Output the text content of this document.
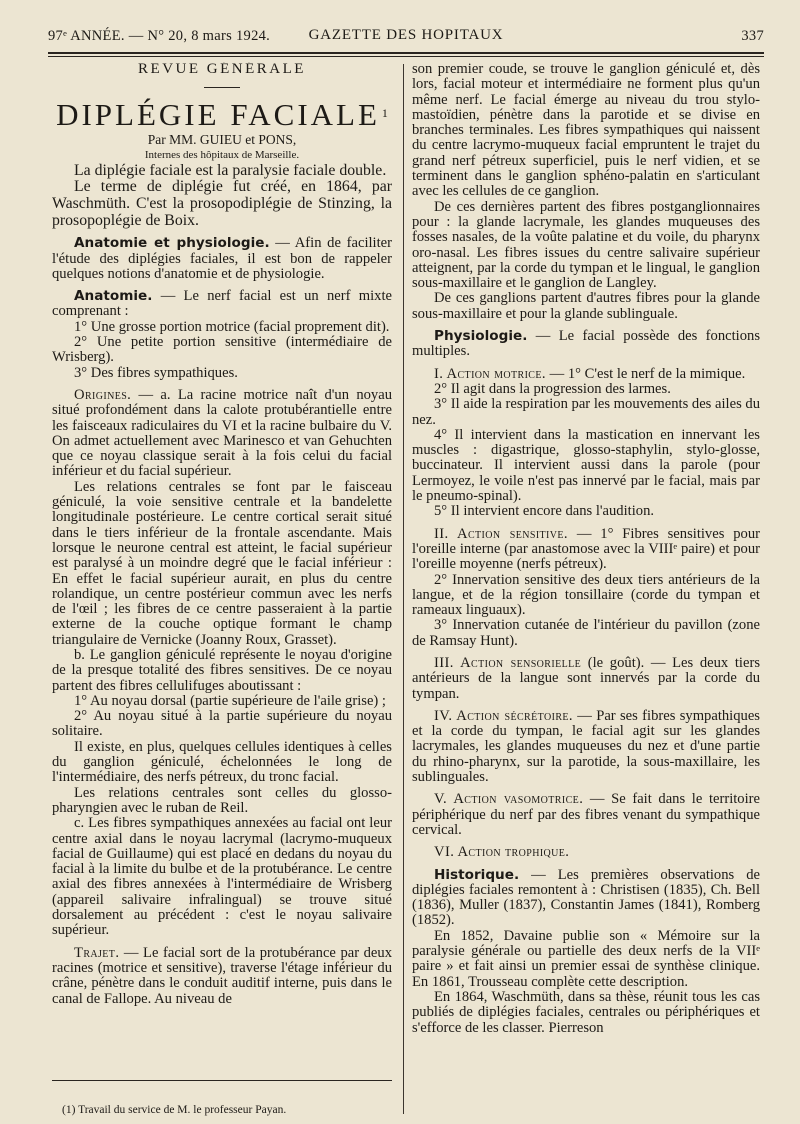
97ᵉ ANNÉE. — N° 20, 8 mars 1924.	GAZETTE DES HOPITAUX	337

REVUE GÉNÉRALE

DIPLÉGIE FACIALE $^1$

Par MM. GUIEU et PONS,

Internes des hôpitaux de Marseille.

La diplégie faciale est la paralysie faciale double.

Le terme de diplégie fut créé, en 1864, par Waschmüth. C'est la prosopodiplégie de Stinzing, la prosopoplégie de Boix.

Anatomie et physiologie. — Afin de faciliter l'étude des diplégies faciales, il est bon de rappeler quelques notions d'anatomie et de physiologie.

Anatomie. — Le nerf facial est un nerf mixte comprenant :

1° Une grosse portion motrice (facial proprement dit).

2° Une petite portion sensitive (intermédiaire de Wrisberg).

3° Des fibres sympathiques.

Origines. — a. La racine motrice naît d'un noyau situé profondément dans la calote protubérantielle entre les faisceaux radiculaires du VI et la racine bulbaire du V. On admet actuellement avec Marinesco et van Gehuchten que ce noyau classique serait à la fois celui du facial inférieur et du facial supérieur.

Les relations centrales se font par le faisceau géniculé, la voie sensitive centrale et la bandelette longitudinale postérieure. Le centre cortical serait situé dans le tiers inférieur de la frontale ascendante. Mais lorsque le neurone central est atteint, le facial supérieur est paralysé à un moindre degré que le facial inférieur : En effet le facial supérieur aurait, en plus du centre rolandique, un centre postérieur commun avec les nerfs de l'œil ; les fibres de ce centre passeraient à la partie externe de la couche optique formant le champ triangulaire de Vernicke (Joanny Roux, Grasset).

b. Le ganglion géniculé représente le noyau d'origine de la presque totalité des fibres sensitives. De ce noyau partent des fibres cellulifuges aboutissant :

1° Au noyau dorsal (partie supérieure de l'aile grise) ;

2° Au noyau situé à la partie supérieure du noyau solitaire.

Il existe, en plus, quelques cellules identiques à celles du ganglion géniculé, échelonnées le long de l'intermédiaire, des nerfs pétreux, du tronc facial.

Les relations centrales sont celles du glosso-pharyngien avec le ruban de Reil.

c. Les fibres sympathiques annexées au facial ont leur centre axial dans le noyau lacrymal (lacrymo-muqueux facial de Guillaume) qui est placé en dedans du noyau du facial à la limite du bulbe et de la protubérance. Le centre axial des fibres annexées à l'intermédiaire de Wrisberg (appareil salivaire infralingual) se trouve situé dorsalement au précédent : c'est le noyau salivaire supérieur.

Trajet. — Le facial sort de la protubérance par deux racines (motrice et sensitive), traverse l'étage inférieur du crâne, pénètre dans le conduit auditif interne, puis dans le canal de Fallope. Au niveau de

(1) Travail du service de M. le professeur Payan.

son premier coude, se trouve le ganglion géniculé et, dès lors, facial moteur et intermédiaire ne forment plus qu'un même nerf. Le facial émerge au niveau du trou stylo-mastoïdien, pénètre dans la parotide et se divise en branches terminales. Les fibres sympathiques qui naissent du centre lacrymo-muqueux facial empruntent le trajet du grand nerf pétreux superficiel, puis le nerf vidien, et se terminent dans le ganglion sphéno-palatin en s'articulant avec les cellules de ce ganglion.

De ces dernières partent des fibres postganglionnaires pour : la glande lacrymale, les glandes muqueuses des fosses nasales, de la voûte palatine et du voile, du pharynx oro-nasal. Les fibres issues du centre salivaire supérieur atteignent, par la corde du tympan et le lingual, le ganglion sous-maxillaire et le ganglion de Langley.

De ces ganglions partent d'autres fibres pour la glande sous-maxillaire et pour la glande sublinguale.

Physiologie. — Le facial possède des fonctions multiples.

I. Action motrice. — 1° C'est le nerf de la mimique.

2° Il agit dans la progression des larmes.

3° Il aide la respiration par les mouvements des ailes du nez.

4° Il intervient dans la mastication en innervant les muscles : digastrique, glosso-staphylin, stylo-glosse, buccinateur. Il intervient aussi dans la parole (pour Lermoyez, le voile n'est pas innervé par le facial, mais par le pneumo-spinal).

5° Il intervient encore dans l'audition.

II. Action sensitive. — 1° Fibres sensitives pour l'oreille interne (par anastomose avec la VIIIᵉ paire) et pour l'oreille moyenne (nerfs pétreux).

2° Innervation sensitive des deux tiers antérieurs de la langue, et de la région tonsillaire (corde du tympan et rameaux linguaux).

3° Innervation cutanée de l'intérieur du pavillon (zone de Ramsay Hunt).

III. Action sensorielle (le goût). — Les deux tiers antérieurs de la langue sont innervés par la corde du tympan.

IV. Action sécrétoire. — Par ses fibres sympathiques et la corde du tympan, le facial agit sur les glandes lacrymales, les glandes muqueuses du nez et d'une partie du rhino-pharynx, sur la parotide, la sous-maxillaire, les sublinguales.

V. Action vasomotrice. — Se fait dans le territoire périphérique du nerf par des fibres venant du sympathique cervical.

VI. Action trophique.

Historique. — Les premières observations de diplégies faciales remontent à : Christisen (1835), Ch. Bell (1836), Muller (1837), Constantin James (1841), Romberg (1852).

En 1852, Davaine publie son « Mémoire sur la paralysie générale ou partielle des deux nerfs de la VIIᵉ paire » et fait ainsi un premier essai de synthèse clinique. En 1861, Trousseau complète cette description.

En 1864, Waschmüth, dans sa thèse, réunit tous les cas publiés de diplégies faciales, centrales ou périphériques et s'efforce de les classer. Pierreson
